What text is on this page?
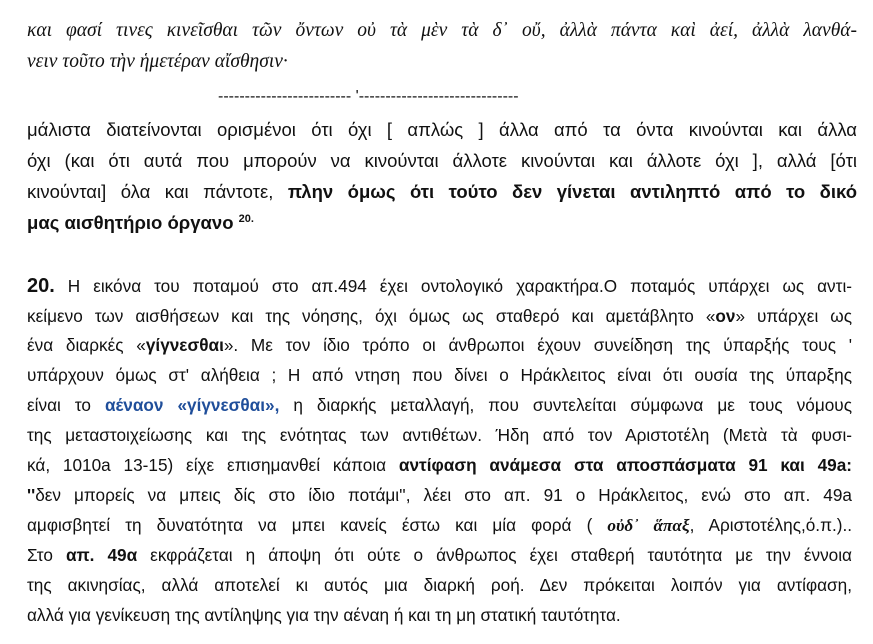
και φασί τινες κινεῖσθαι τῶν ὄντων οὐ τὰ μὲν τὰ δ᾿ οὔ, ἀλλὰ πάντα καὶ ἀεί, ἀλλὰ λανθά-
νειν τοῦτο τὴν ἡμετέραν αἴσθησιν·
------------------------- '------------------------------
μάλιστα διατείνονται ορισμένοι ότι όχι [ απλώς ] άλλα από τα όντα κινούνται και άλλα
όχι (και ότι αυτά που μπορούν να κινούνται άλλοτε κινούνται και άλλοτε όχι ], αλλά [ότι
κινούνται] όλα και πάντοτε, πλην όμως ότι τούτο δεν γίνεται αντιληπτό από το δικό
μας αισθητήριο όργανο $^{20.}$
20. Η εικόνα του ποταμού στο απ.494 έχει οντολογικό χαρακτήρα.Ο ποταμός υπάρχει ως αντι-
κείμενο των αισθήσεων και της νόησης, όχι όμως ως σταθερό και αμετάβλητο «ον» υπάρχει ως
ένα διαρκές «γίγνεσθαι». Με τον ίδιο τρόπο οι άνθρωποι έχουν συνείδηση της ύπαρξής τους '
υπάρχουν όμως στ' αλήθεια ; Η από ντηση που δίνει ο Ηράκλειτος είναι ότι ουσία της ύπαρξης
είναι το αέναον «γίγνεσθαι», η διαρκής μεταλλαγή, που συντελείται σύμφωνα με τους νόμους
της μεταστοιχείωσης και της ενότητας των αντιθέτων. Ήδη από τον Αριστοτέλη (Μετὰ τὰ φυσι-
κά, 1010a 13-15) είχε επισημανθεί κάποια αντίφαση ανάμεσα στα αποσπάσματα 91 και 49a:
''δεν μπορείς να μπεις δίς στο ίδιο ποτάμι'', λέει στο απ. 91 ο Ηράκλειτος, ενώ στο απ. 49a
αμφισβητεί τη δυνατότητα να μπει κανείς έστω και μία φορά ( οὐδ᾿ ἅπαξ, Αριστοτέλης,ό.π.)..
Στο απ. 49α εκφράζεται η άποψη ότι ούτε ο άνθρωπος έχει σταθερή ταυτότητα με την έννοια
της ακινησίας, αλλά αποτελεί κι αυτός μια διαρκή ροή. Δεν πρόκειται λοιπόν για αντίφαση,
αλλά για γενίκευση της αντίληψης για την αέναη ή και τη μη στατική ταυτότητα.
